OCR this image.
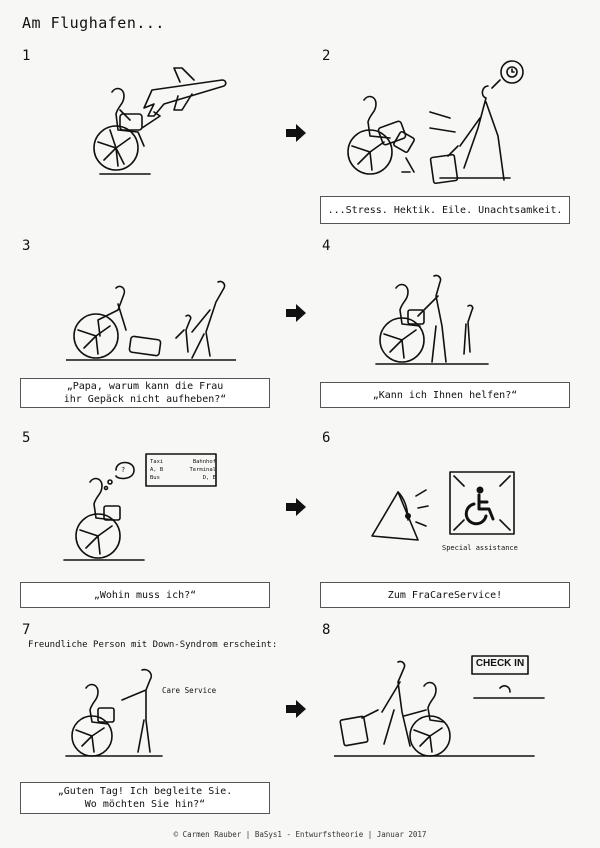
Am Flughafen...
1	2
3	4
5	6
7	8
...Stress. Hektik. Eile. Unachtsamkeit.
„Papa, warum kann die Frau
ihr Gepäck nicht aufheben?“	„Kann ich Ihnen helfen?“
?
Taxi	Bahnhof
A, B	Terminal
Bus	D, E
„Wohin muss ich?“
Special assistance
Zum FraCareService!
Freundliche Person mit Down-Syndrom erscheint:
Care Service
„Guten Tag! Ich begleite Sie.
Wo möchten Sie hin?“
CHECK IN
© Carmen Rauber | BaSys1 - Entwurfstheorie | Januar 2017
